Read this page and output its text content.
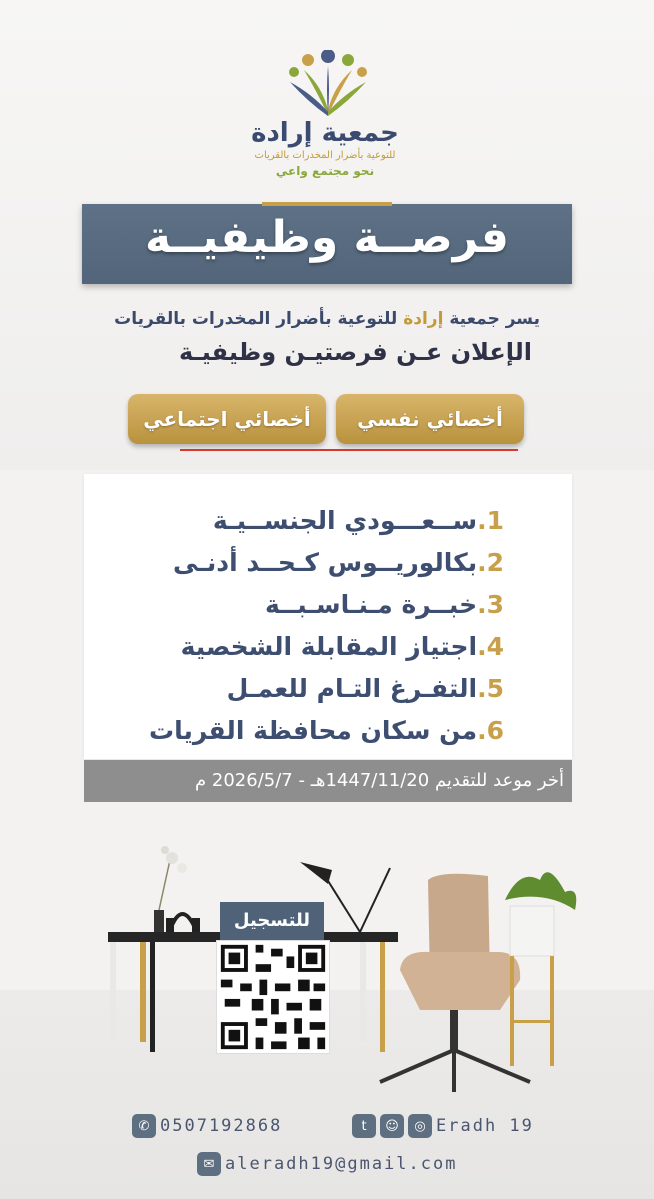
جمعية إرادة
للتوعية بأضرار المخدرات بالقريات
نحو مجتمع واعي
فرصــة وظيفيــة
يسر جمعية إرادة للتوعية بأضرار المخدرات بالقريات
الإعلان عـن فرصتيـن وظيفيـة
أخصائي نفسي
أخصائي اجتماعي
1.ســعـــودي الجنســيـة
2.بكالوريــوس كـحــد أدنـى
3.خبــرة مـنـاسـبــة
4.اجتياز المقابلة الشخصية
5.التفـرغ التـام للعمـل
6.من سكان محافظة القريات
أخر موعد للتقديم 1447/11/20هـ - 2026/5/7 م
للتسجيل
✆ 0507192868	t	☺	◎ Eradh 19
✉ aleradh19@gmail.com
